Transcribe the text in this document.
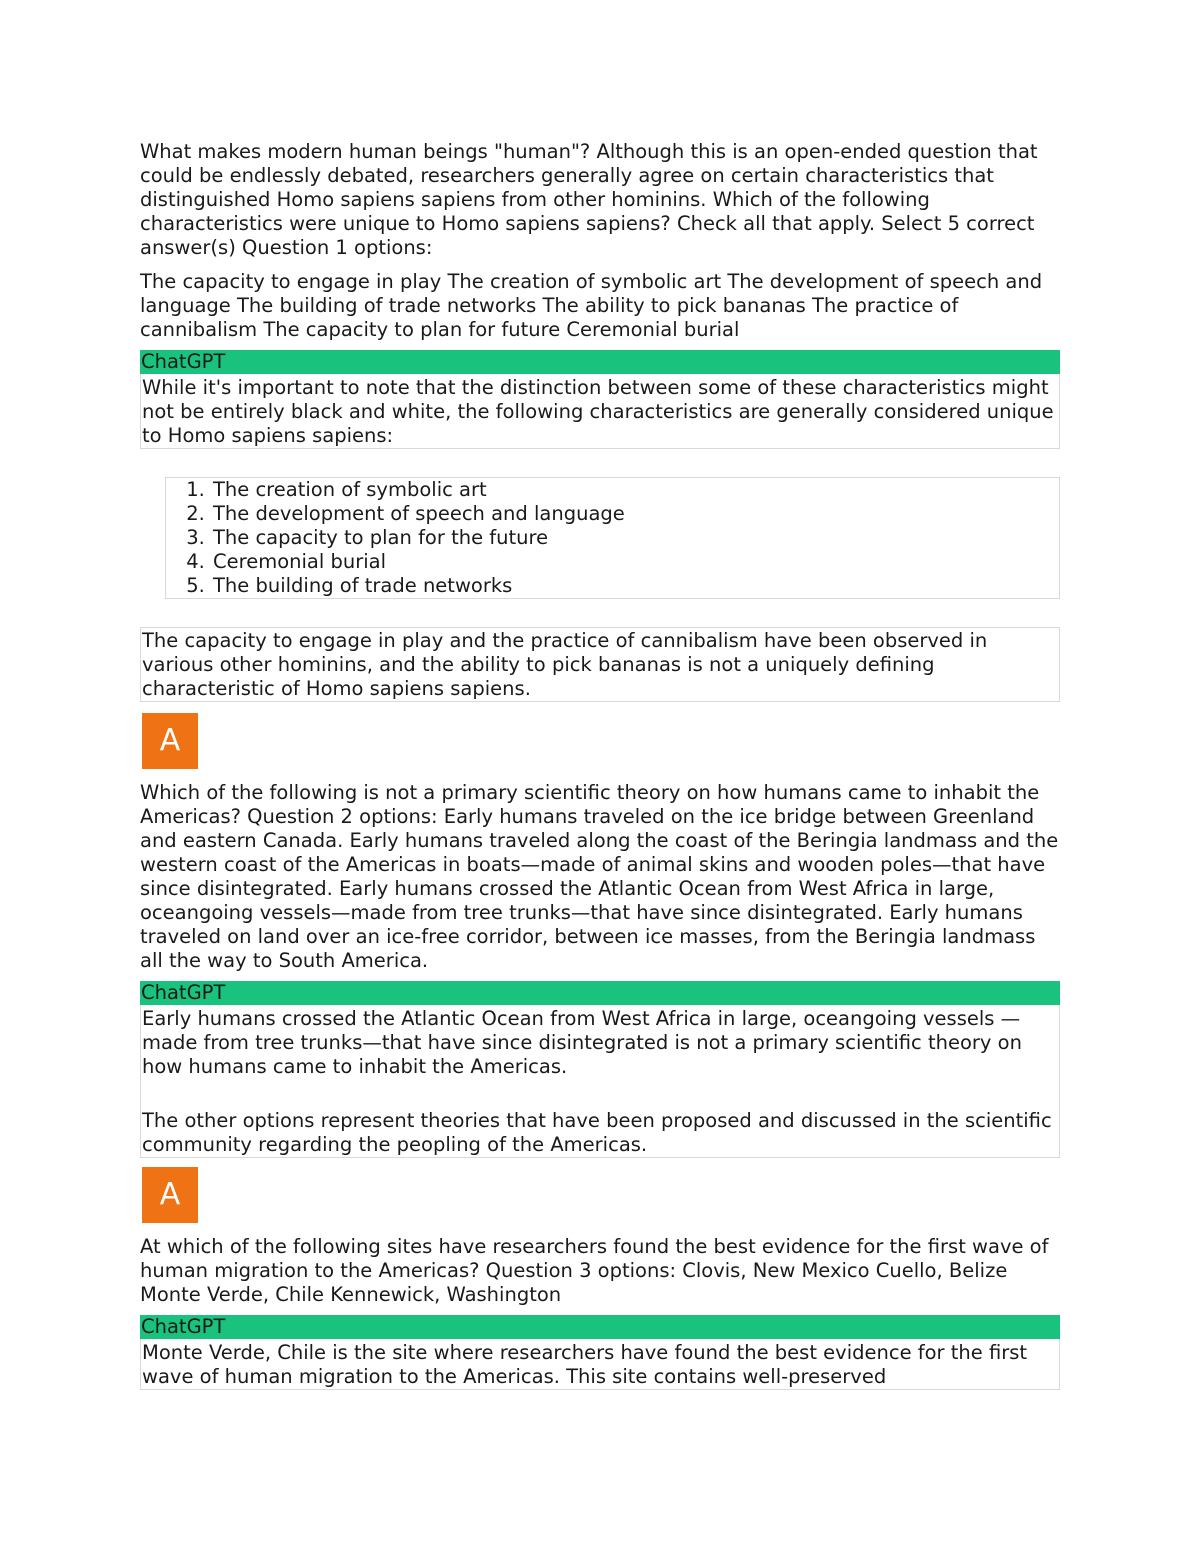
What makes modern human beings "human"? Although this is an open-ended question that could be endlessly debated, researchers generally agree on certain characteristics that distinguished Homo sapiens sapiens from other hominins. Which of the following characteristics were unique to Homo sapiens sapiens? Check all that apply. Select 5 correct answer(s) Question 1 options:

The capacity to engage in play The creation of symbolic art The development of speech and language The building of trade networks The ability to pick bananas The practice of cannibalism The capacity to plan for future Ceremonial burial

ChatGPT

While it's important to note that the distinction between some of these characteristics might not be entirely black and white, the following characteristics are generally considered unique to Homo sapiens sapiens:

1. The creation of symbolic art
2. The development of speech and language
3. The capacity to plan for the future
4. Ceremonial burial
5. The building of trade networks
The capacity to engage in play and the practice of cannibalism have been observed in various other hominins, and the ability to pick bananas is not a uniquely defining characteristic of Homo sapiens sapiens.
A

Which of the following is not a primary scientific theory on how humans came to inhabit the Americas? Question 2 options: Early humans traveled on the ice bridge between Greenland and eastern Canada. Early humans traveled along the coast of the Beringia landmass and the western coast of the Americas in boats—made of animal skins and wooden poles—that have since disintegrated. Early humans crossed the Atlantic Ocean from West Africa in large, oceangoing vessels—made from tree trunks—that have since disintegrated. Early humans traveled on land over an ice-free corridor, between ice masses, from the Beringia landmass all the way to South America.

ChatGPT

Early humans crossed the Atlantic Ocean from West Africa in large, oceangoing vessels —made from tree trunks—that have since disintegrated is not a primary scientific theory on how humans came to inhabit the Americas.

The other options represent theories that have been proposed and discussed in the scientific community regarding the peopling of the Americas.

A

At which of the following sites have researchers found the best evidence for the first wave of human migration to the Americas? Question 3 options: Clovis, New Mexico Cuello, Belize Monte Verde, Chile Kennewick, Washington

ChatGPT

Monte Verde, Chile is the site where researchers have found the best evidence for the first wave of human migration to the Americas. This site contains well-preserved
